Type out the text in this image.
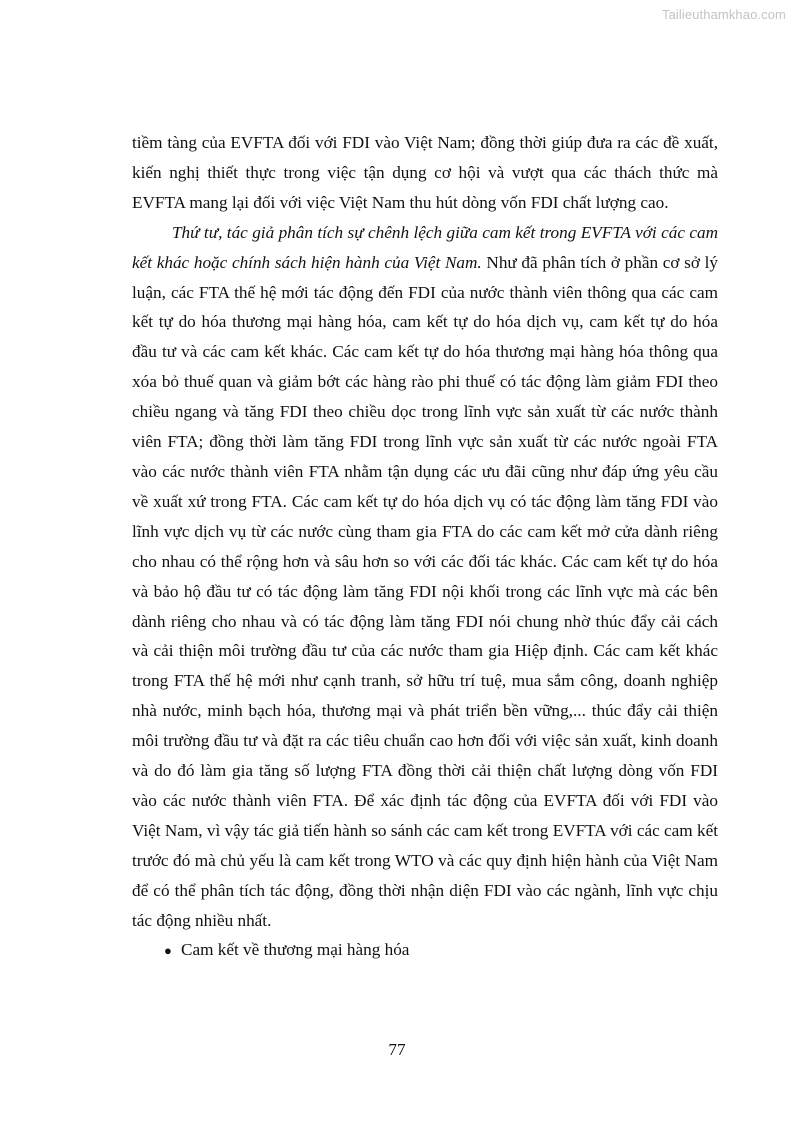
Tailieuthamkhao.com

tiềm tàng của EVFTA đối với FDI vào Việt Nam; đồng thời giúp đưa ra các đề xuất, kiến nghị thiết thực trong việc tận dụng cơ hội và vượt qua các thách thức mà EVFTA mang lại đối với việc Việt Nam thu hút dòng vốn FDI chất lượng cao.

Thứ tư, tác giả phân tích sự chênh lệch giữa cam kết trong EVFTA với các cam kết khác hoặc chính sách hiện hành của Việt Nam. Như đã phân tích ở phần cơ sở lý luận, các FTA thế hệ mới tác động đến FDI của nước thành viên thông qua các cam kết tự do hóa thương mại hàng hóa, cam kết tự do hóa dịch vụ, cam kết tự do hóa đầu tư và các cam kết khác. Các cam kết tự do hóa thương mại hàng hóa thông qua xóa bỏ thuế quan và giảm bớt các hàng rào phi thuế có tác động làm giảm FDI theo chiều ngang và tăng FDI theo chiều dọc trong lĩnh vực sản xuất từ các nước thành viên FTA; đồng thời làm tăng FDI trong lĩnh vực sản xuất từ các nước ngoài FTA vào các nước thành viên FTA nhằm tận dụng các ưu đãi cũng như đáp ứng yêu cầu về xuất xứ trong FTA. Các cam kết tự do hóa dịch vụ có tác động làm tăng FDI vào lĩnh vực dịch vụ từ các nước cùng tham gia FTA do các cam kết mở cửa dành riêng cho nhau có thể rộng hơn và sâu hơn so với các đối tác khác. Các cam kết tự do hóa và bảo hộ đầu tư có tác động làm tăng FDI nội khối trong các lĩnh vực mà các bên dành riêng cho nhau và có tác động làm tăng FDI nói chung nhờ thúc đẩy cải cách và cải thiện môi trường đầu tư của các nước tham gia Hiệp định. Các cam kết khác trong FTA thế hệ mới như cạnh tranh, sở hữu trí tuệ, mua sắm công, doanh nghiệp nhà nước, minh bạch hóa, thương mại và phát triển bền vững,... thúc đẩy cải thiện môi trường đầu tư và đặt ra các tiêu chuẩn cao hơn đối với việc sản xuất, kinh doanh và do đó làm gia tăng số lượng FTA đồng thời cải thiện chất lượng dòng vốn FDI vào các nước thành viên FTA. Để xác định tác động của EVFTA đối với FDI vào Việt Nam, vì vậy tác giả tiến hành so sánh các cam kết trong EVFTA với các cam kết trước đó mà chủ yếu là cam kết trong WTO và các quy định hiện hành của Việt Nam để có thể phân tích tác động, đồng thời nhận diện FDI vào các ngành, lĩnh vực chịu tác động nhiều nhất.

● Cam kết về thương mại hàng hóa
77
